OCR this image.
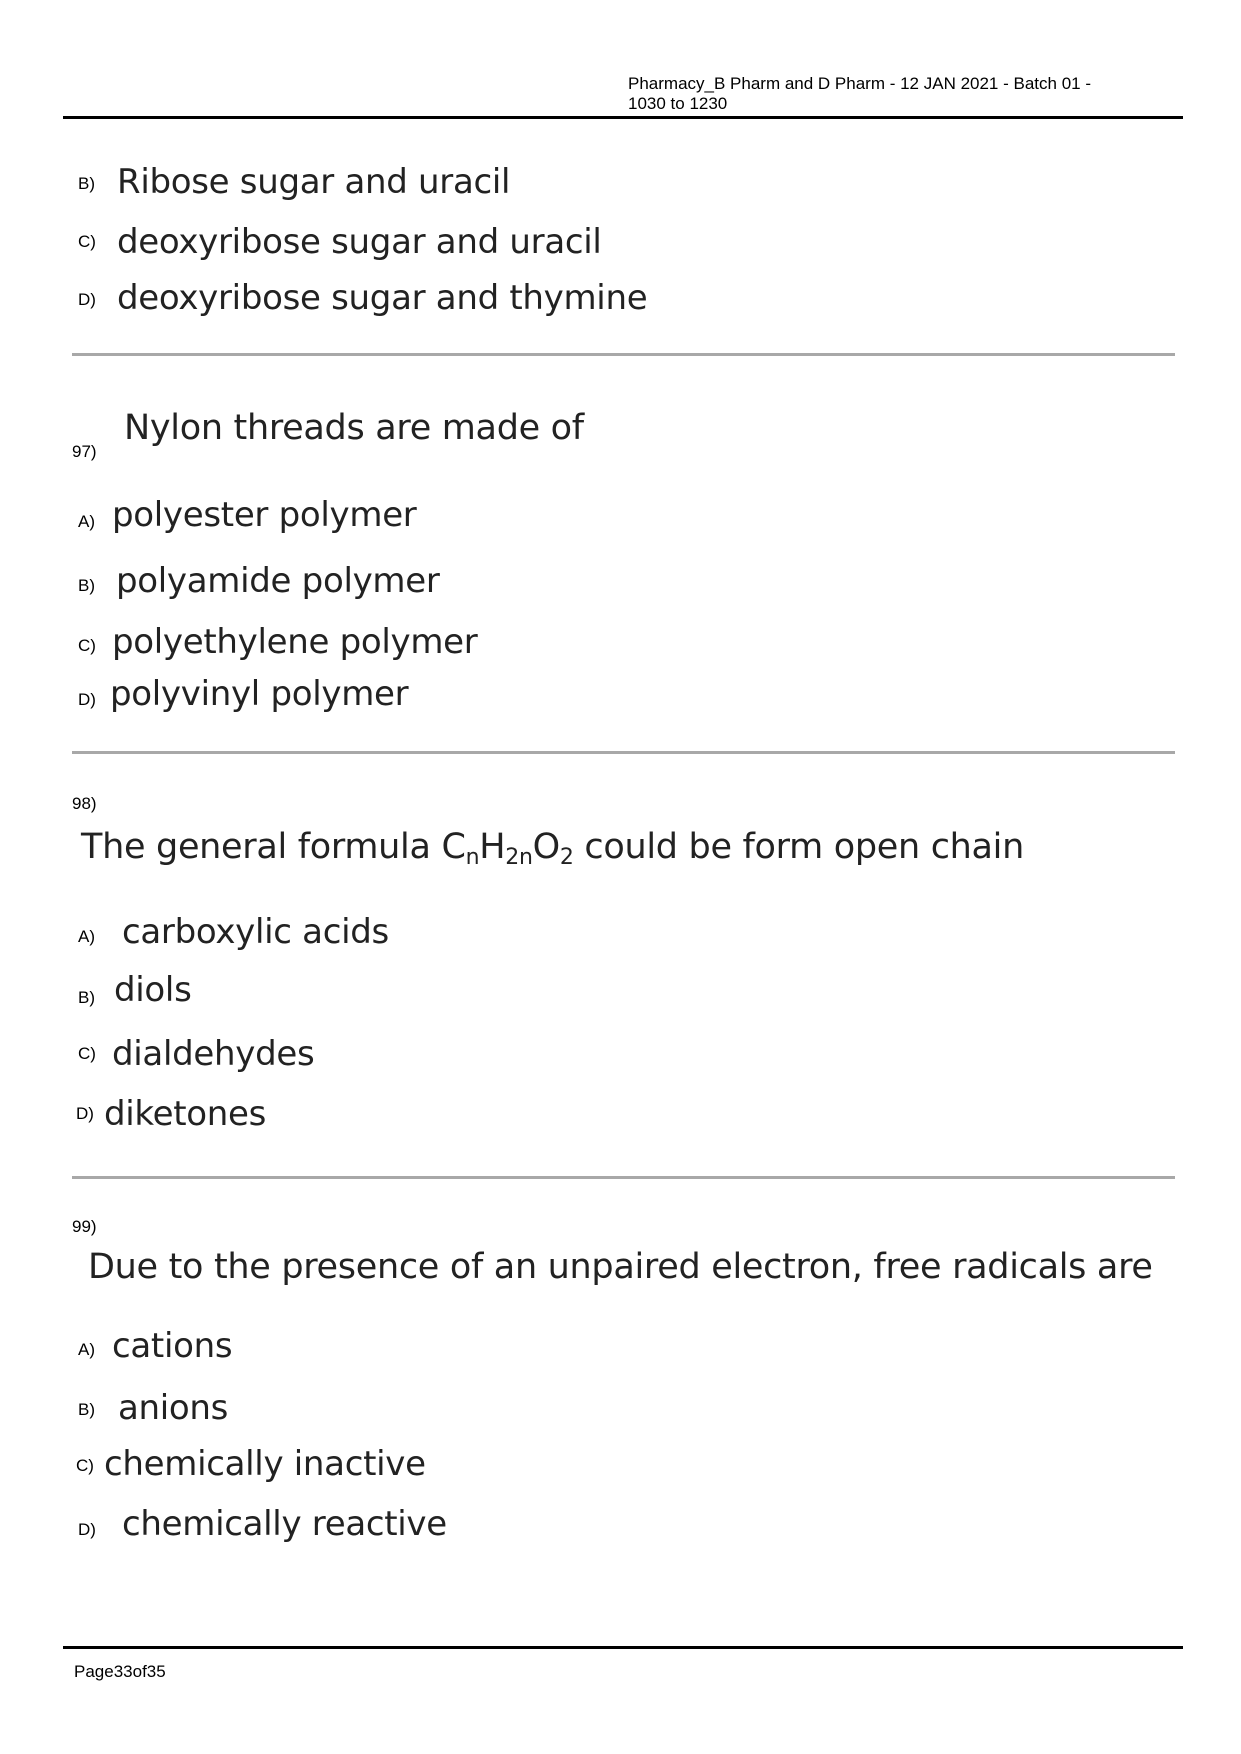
Pharmacy_B Pharm and D Pharm - 12 JAN 2021 - Batch 01 -
1030 to 1230
B) Ribose sugar and uracil
C) deoxyribose sugar and uracil
D) deoxyribose sugar and thymine
97)
Nylon threads are made of
A) polyester polymer
B) polyamide polymer
C) polyethylene polymer
D) polyvinyl polymer
98)
The general formula $C_nH_{2n}O_2$ could be form open chain
A) carboxylic acids
B) diols
C) dialdehydes
D) diketones
99)
Due to the presence of an unpaired electron, free radicals are
A) cations
B) anions
C) chemically inactive
D) chemically reactive
Page33of35
